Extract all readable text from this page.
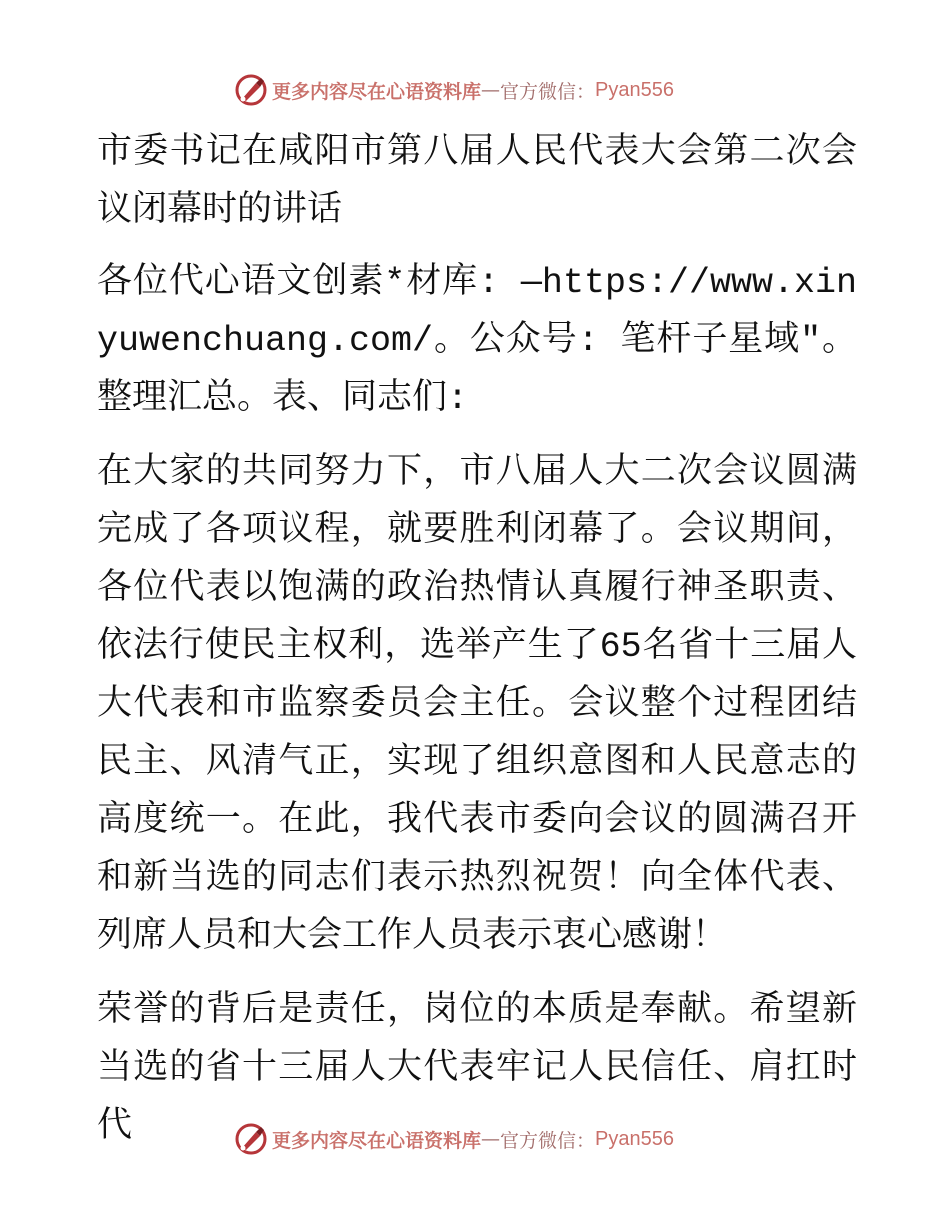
更多内容尽在心语资料库 — 官方微信： Pyan556
市委书记在咸阳市第八届人民代表大会第二次会议闭幕时的讲话
各位代心语文创素*材库: —https://www.xinyuwenchuang.com/。公众号: 笔杆子星域"。整理汇总。表、同志们:
在大家的共同努力下，市八届人大二次会议圆满完成了各项议程，就要胜利闭幕了。会议期间，各位代表以饱满的政治热情认真履行神圣职责、依法行使民主权利，选举产生了65名省十三届人大代表和市监察委员会主任。会议整个过程团结民主、风清气正，实现了组织意图和人民意志的高度统一。在此，我代表市委向会议的圆满召开和新当选的同志们表示热烈祝贺！向全体代表、列席人员和大会工作人员表示衷心感谢！
荣誉的背后是责任，岗位的本质是奉献。希望新当选的省十三届人大代表牢记人民信任、肩扛时代	更多内容尽在心语资料库 — 官方微信： Pyan556
